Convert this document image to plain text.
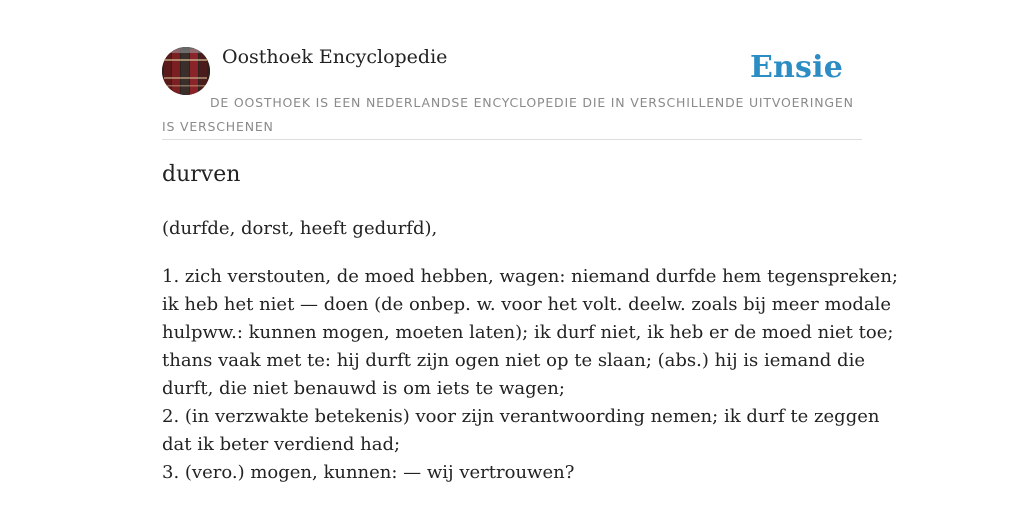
Oosthoek Encyclopedie	Ensie
DE OOSTHOEK IS EEN NEDERLANDSE ENCYCLOPEDIE DIE IN VERSCHILLENDE UITVOERINGEN IS VERSCHENEN
durven
(durfde, dorst, heeft gedurfd),
1. zich verstouten, de moed hebben, wagen: niemand durfde hem tegenspreken;
ik heb het niet — doen (de onbep. w. voor het volt. deelw. zoals bij meer modale
hulpww.: kunnen mogen, moeten laten); ik durf niet, ik heb er de moed niet toe;
thans vaak met te: hij durft zijn ogen niet op te slaan; (abs.) hij is iemand die
durft, die niet benauwd is om iets te wagen;
2. (in verzwakte betekenis) voor zijn verantwoording nemen; ik durf te zeggen
dat ik beter verdiend had;
3. (vero.) mogen, kunnen: — wij vertrouwen?
